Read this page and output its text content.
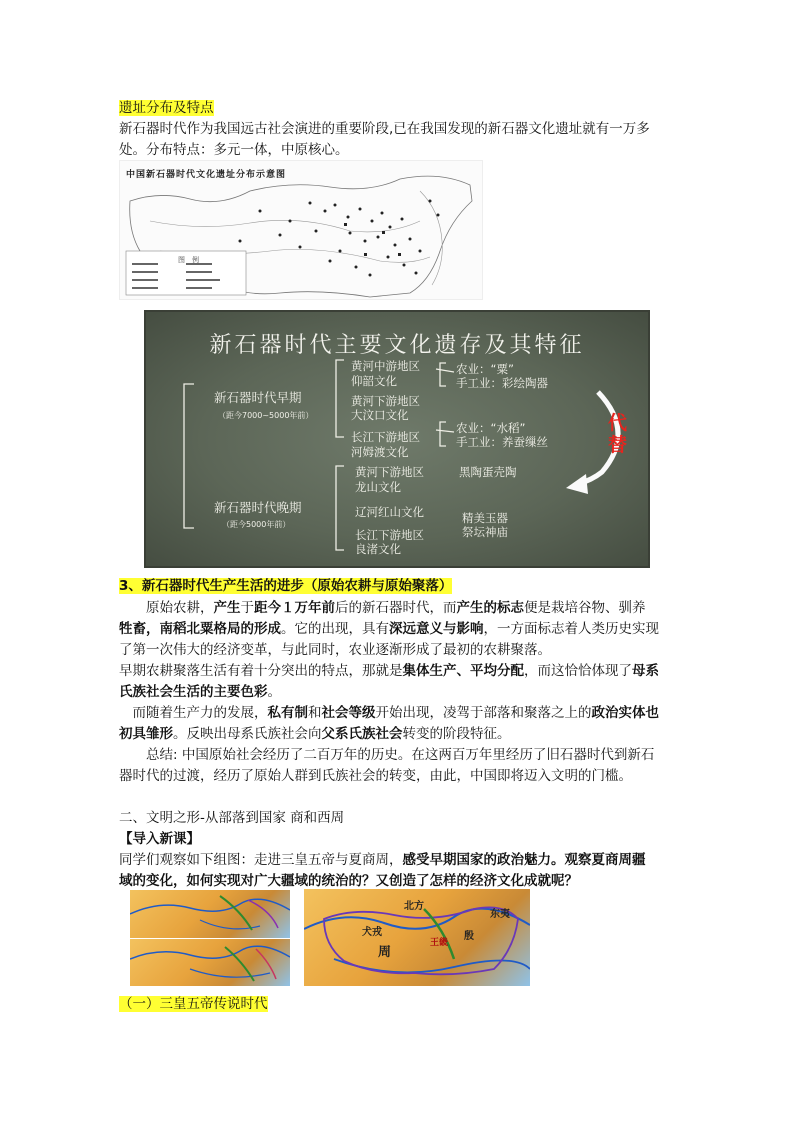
遗址分布及特点

新石器时代作为我国远古社会演进的重要阶段,已在我国发现的新石器文化遗址就有一万多

处。分布特点：多元一体，中原核心。

中国新石器时代文化遗址分布示意图
图　例
新石器时代主要文化遗存及其特征
新石器时代早期
（距今7000~5000年前）
新石器时代晚期
（距今5000年前）
黄河中游地区
仰韶文化
黄河下游地区
大汶口文化
长江下游地区
河姆渡文化
农业：“粟”
手工业：彩绘陶器
农业：“水稻”
手工业：养蚕缫丝
代
替
黄河下游地区
龙山文化
辽河红山文化
长江下游地区
良渚文化
黑陶蛋壳陶
精美玉器
祭坛神庙

3、新石器时代生产生活的进步（原始农耕与原始聚落）

　　原始农耕，产生于距今１万年前后的新石器时代，而产生的标志便是栽培谷物、驯养

牲畜，南稻北粟格局的形成。它的出现，具有深远意义与影响，一方面标志着人类历史实现

了第一次伟大的经济变革，与此同时，农业逐渐形成了最初的农耕聚落。

早期农耕聚落生活有着十分突出的特点，那就是集体生产、平均分配，而这恰恰体现了母系

氏族社会生活的主要色彩。

　而随着生产力的发展，私有制和社会等级开始出现，凌驾于部落和聚落之上的政治实体也

初具雏形。反映出母系氏族社会向父系氏族社会转变的阶段特征。

　　总结: 中国原始社会经历了二百万年的历史。在这两百万年里经历了旧石器时代到新石

器时代的过渡，经历了原始人群到氏族社会的转变，由此，中国即将迈入文明的门槛。

二、文明之形-从部落到国家 商和西周

【导入新课】

同学们观察如下组图：走进三皇五帝与夏商周，感受早期国家的政治魅力。观察夏商周疆

域的变化，如何实现对广大疆域的统治的？又创造了怎样的经济文化成就呢？

北方
犬戎
周
王畿
殷
东夷

（一）三皇五帝传说时代
